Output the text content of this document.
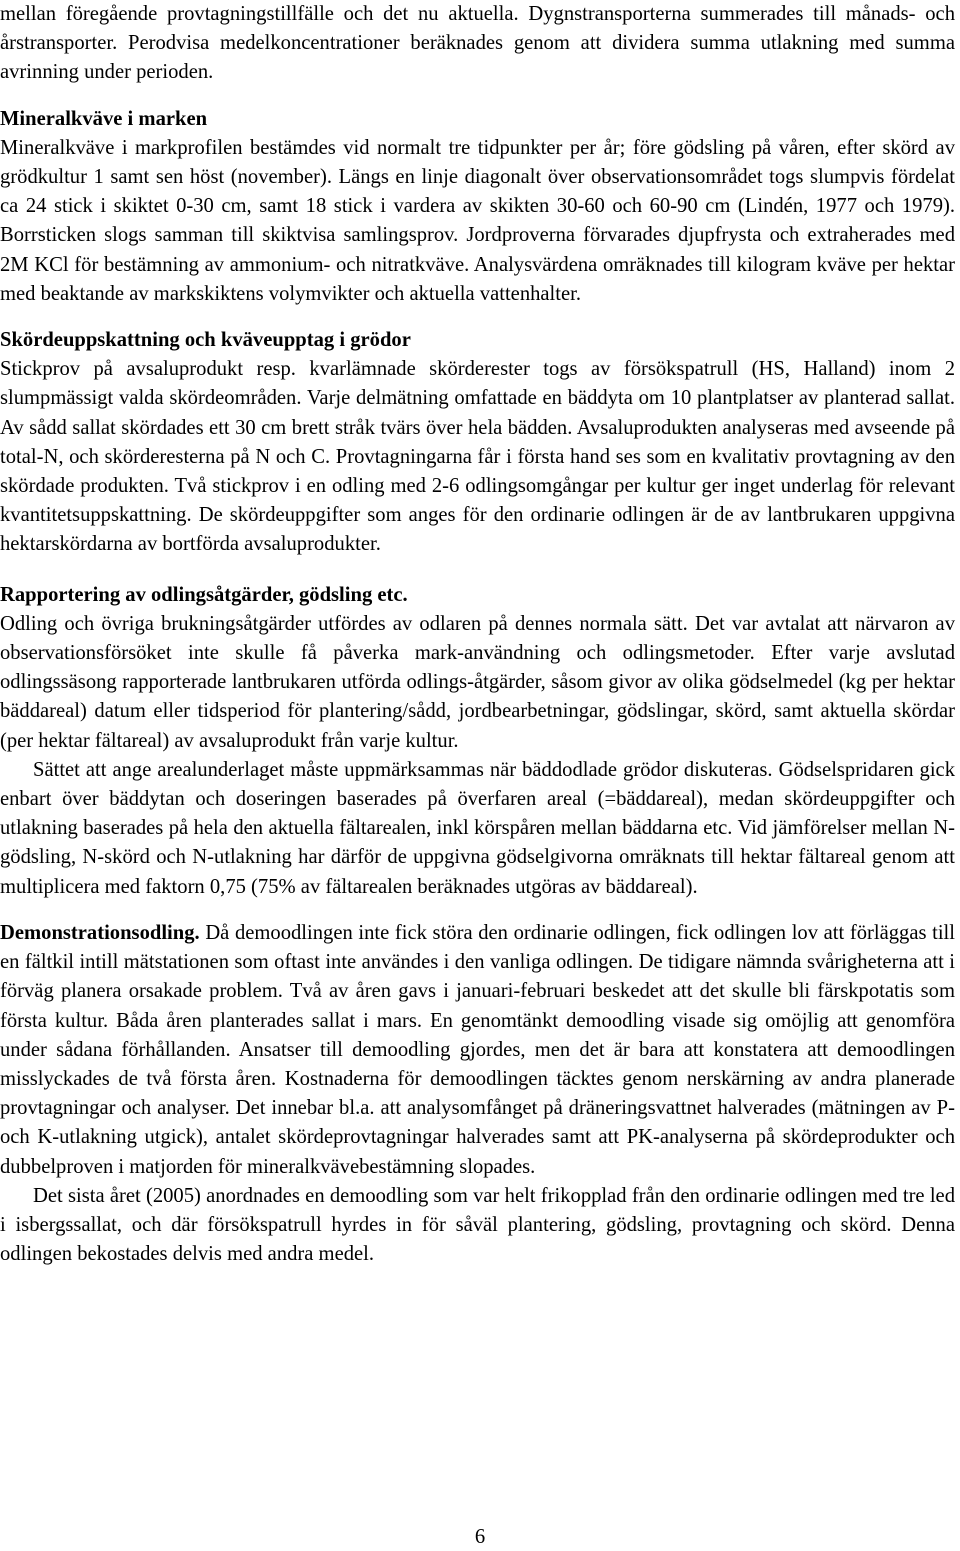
mellan föregående provtagningstillfälle och det nu aktuella. Dygnstransporterna summerades till månads- och årstransporter. Perodvisa medelkoncentrationer beräknades genom att dividera summa utlakning med summa avrinning under perioden.

Mineralkväve i marken

Mineralkväve i markprofilen bestämdes vid normalt tre tidpunkter per år; före gödsling på våren, efter skörd av grödkultur 1 samt sen höst (november). Längs en linje diagonalt över observationsområdet togs slumpvis fördelat ca 24 stick i skiktet 0-30 cm, samt 18 stick i vardera av skikten 30-60 och 60-90 cm (Lindén, 1977 och 1979). Borrsticken slogs samman till skiktvisa samlingsprov. Jordproverna förvarades djupfrysta och extraherades med 2M KCl för bestämning av ammonium- och nitratkväve. Analysvärdena omräknades till kilogram kväve per hektar med beaktande av markskiktens volymvikter och aktuella vattenhalter.

Skördeuppskattning och kväveupptag i grödor

Stickprov på avsaluprodukt resp. kvarlämnade skörderester togs av försökspatrull (HS, Halland) inom 2 slumpmässigt valda skördeområden. Varje delmätning omfattade en bäddyta om 10 plantplatser av planterad sallat. Av sådd sallat skördades ett 30 cm brett stråk tvärs över hela bädden. Avsaluprodukten analyseras med avseende på total-N, och skörderesterna på N och C. Provtagningarna får i första hand ses som en kvalitativ provtagning av den skördade produkten. Två stickprov i en odling med 2-6 odlingsomgångar per kultur ger inget underlag för relevant kvantitetsuppskattning. De skördeuppgifter som anges för den ordinarie odlingen är de av lantbrukaren uppgivna hektarskördarna av bortförda avsaluprodukter.

Rapportering av odlingsåtgärder, gödsling etc.

Odling och övriga brukningsåtgärder utfördes av odlaren på dennes normala sätt. Det var avtalat att närvaron av observationsförsöket inte skulle få påverka mark-användning och odlingsmetoder. Efter varje avslutad odlingssäsong rapporterade lantbrukaren utförda odlings-åtgärder, såsom givor av olika gödselmedel (kg per hektar bäddareal) datum eller tidsperiod för plantering/sådd, jordbearbetningar, gödslingar, skörd, samt aktuella skördar (per hektar fältareal) av avsaluprodukt från varje kultur.

Sättet att ange arealunderlaget måste uppmärksammas när bäddodlade grödor diskuteras. Gödselspridaren gick enbart över bäddytan och doseringen baserades på överfaren areal (=bäddareal), medan skördeuppgifter och utlakning baserades på hela den aktuella fältarealen, inkl körspåren mellan bäddarna etc. Vid jämförelser mellan N-gödsling, N-skörd och N-utlakning har därför de uppgivna gödselgivorna omräknats till hektar fältareal genom att multiplicera med faktorn 0,75 (75% av fältarealen beräknades utgöras av bäddareal).

Demonstrationsodling. Då demoodlingen inte fick störa den ordinarie odlingen, fick odlingen lov att förläggas till en fältkil intill mätstationen som oftast inte användes i den vanliga odlingen. De tidigare nämnda svårigheterna att i förväg planera orsakade problem. Två av åren gavs i januari-februari beskedet att det skulle bli färskpotatis som första kultur. Båda åren planterades sallat i mars. En genomtänkt demoodling visade sig omöjlig att genomföra under sådana förhållanden. Ansatser till demoodling gjordes, men det är bara att konstatera att demoodlingen misslyckades de två första åren. Kostnaderna för demoodlingen täcktes genom nerskärning av andra planerade provtagningar och analyser. Det innebar bl.a. att analysomfånget på dräneringsvattnet halverades (mätningen av P- och K-utlakning utgick), antalet skördeprovtagningar halverades samt att PK-analyserna på skördeprodukter och dubbelproven i matjorden för mineralkvävebestämning slopades.

Det sista året (2005) anordnades en demoodling som var helt frikopplad från den ordinarie odlingen med tre led i isbergssallat, och där försökspatrull hyrdes in för såväl plantering, gödsling, provtagning och skörd. Denna odlingen bekostades delvis med andra medel.

6
